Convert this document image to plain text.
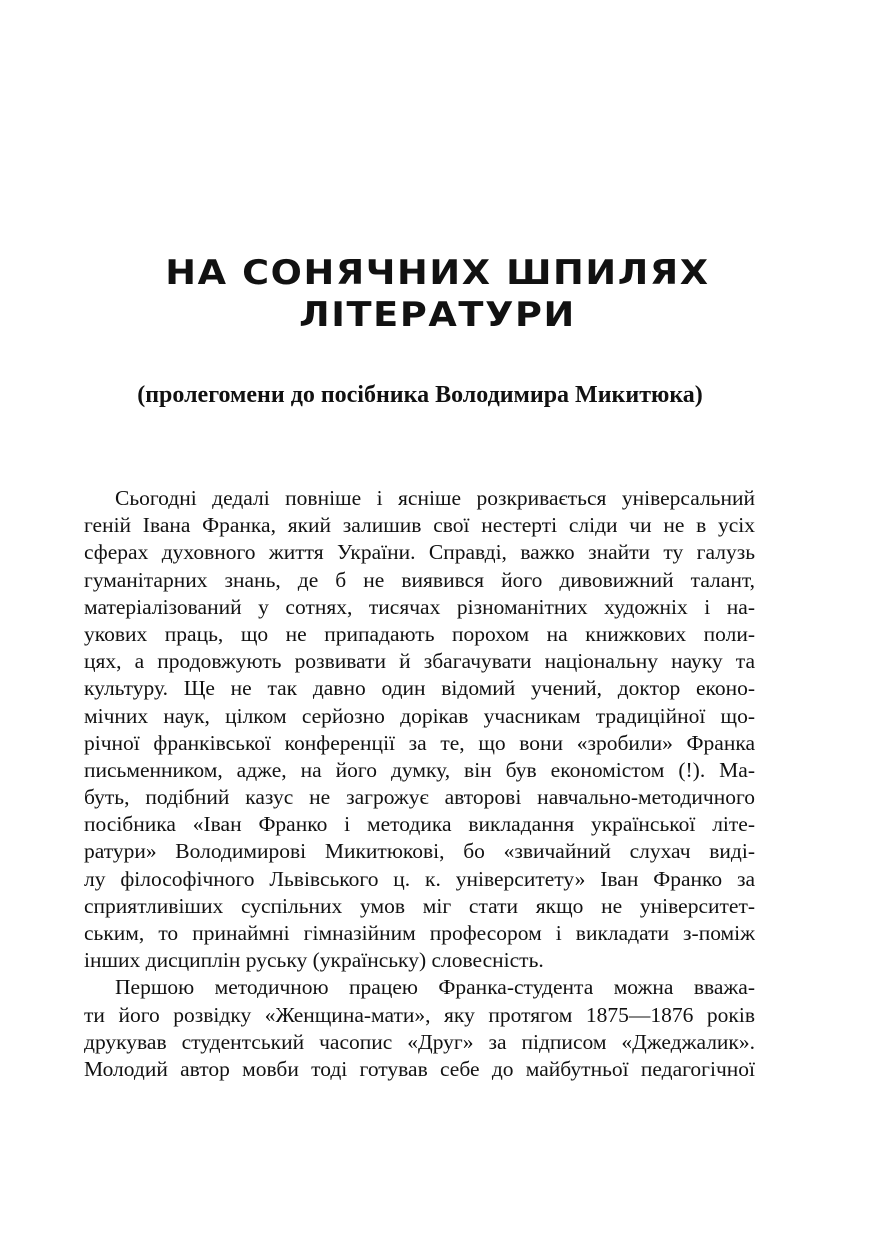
НА СОНЯЧНИХ ШПИЛЯХ
ЛІТЕРАТУРИ
(пролегомени до посібника Володимира Микитюка)
Сьогодні дедалі повніше і ясніше розкривається універсальний
геній Івана Франка, який залишив свої нестерті сліди чи не в усіх
сферах духовного життя України. Справді, важко знайти ту галузь
гуманітарних знань, де б не виявився його дивовижний талант,
матеріалізований у сотнях, тисячах різноманітних художніх і на-
укових праць, що не припадають порохом на книжкових поли-
цях, а продовжують розвивати й збагачувати національну науку та
культуру. Ще не так давно один відомий учений, доктор еконо-
мічних наук, цілком серйозно дорікав учасникам традиційної що-
річної франківської конференції за те, що вони «зробили» Франка
письменником, адже, на його думку, він був економістом (!). Ма-
буть, подібний казус не загрожує авторові навчально-методичного
посібника «Іван Франко і методика викладання української літе-
ратури» Володимирові Микитюкові, бо «звичайний слухач виді-
лу філософічного Львівського ц. к. університету» Іван Франко за
сприятливіших суспільних умов міг стати якщо не університет-
ським, то принаймні гімназійним професором і викладати з-поміж
інших дисциплін руську (українську) словесність.
Першою методичною працею Франка-студента можна вважа-
ти його розвідку «Женщина-мати», яку протягом 1875—1876 років
друкував студентський часопис «Друг» за підписом «Джеджалик».
Молодий автор мовби тоді готував себе до майбутньої педагогічної
